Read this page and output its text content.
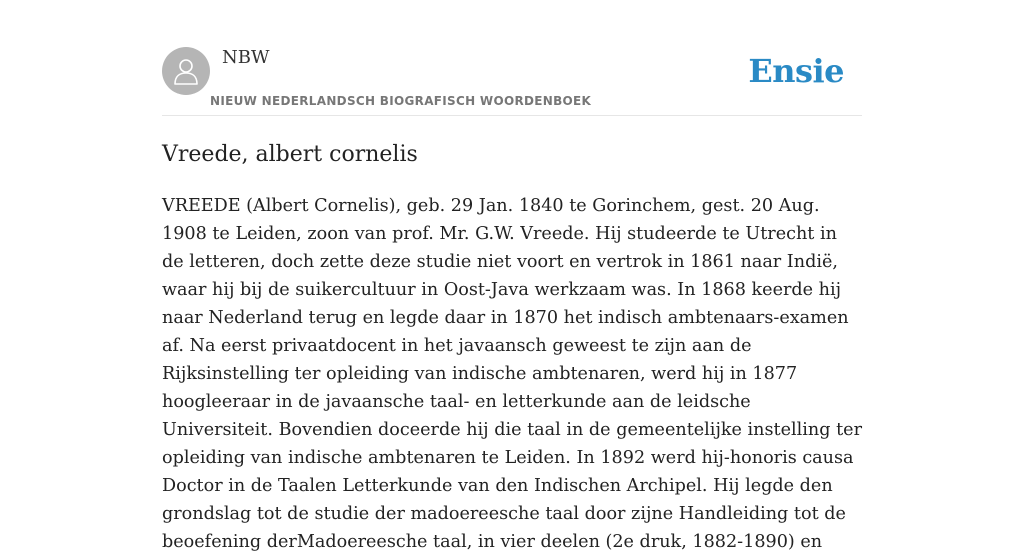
NBW
NIEUW NEDERLANDSCH BIOGRAFISCH WOORDENBOEK
Ensie
Vreede, albert cornelis

VREEDE (Albert Cornelis), geb. 29 Jan. 1840 te Gorinchem, gest. 20 Aug. 1908 te Leiden, zoon van prof. Mr. G.W. Vreede. Hij studeerde te Utrecht in de letteren, doch zette deze studie niet voort en vertrok in 1861 naar Indië, waar hij bij de suikercultuur in Oost-Java werkzaam was. In 1868 keerde hij naar Nederland terug en legde daar in 1870 het indisch ambtenaars-examen af. Na eerst privaatdocent in het javaansch geweest te zijn aan de Rijksinstelling ter opleiding van indische ambtenaren, werd hij in 1877 hoogleeraar in de javaansche taal- en letterkunde aan de leidsche Universiteit. Bovendien doceerde hij die taal in de gemeentelijke instelling ter opleiding van indische ambtenaren te Leiden. In 1892 werd hij-honoris causa Doctor in de Taalen Letterkunde van den Indischen Archipel. Hij legde den grondslag tot de studie der madoereesche taal door zijne Handleiding tot de beoefening derMadoereesche taal, in vier deelen (2e druk, 1882-1890) en
